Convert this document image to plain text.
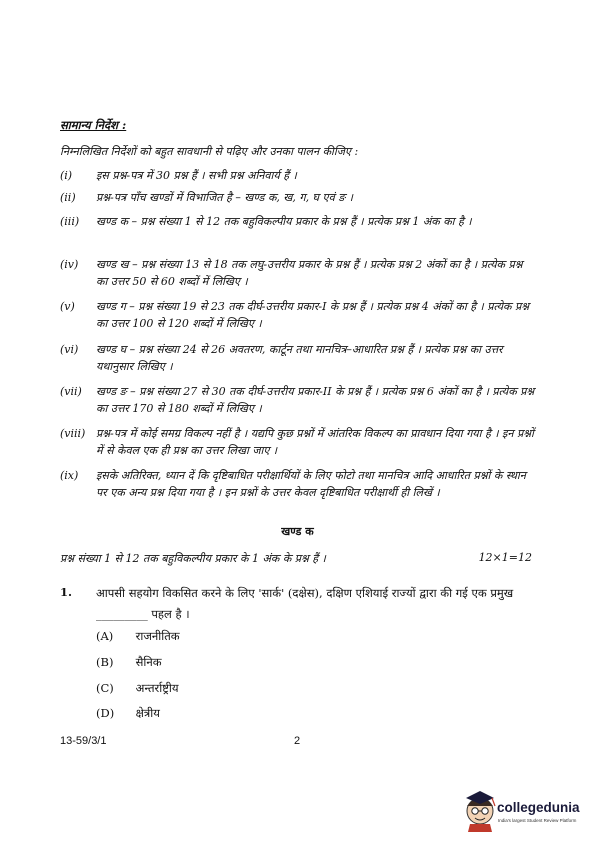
सामान्य निर्देश :
निम्नलिखित निर्देशों को बहुत सावधानी से पढ़िए और उनका पालन कीजिए :
(i)	इस प्रश्न-पत्र में 30 प्रश्न हैं । सभी प्रश्न अनिवार्य हैं ।
(ii)	प्रश्न-पत्र पाँच खण्डों में विभाजित है – खण्ड क, ख, ग, घ एवं ङ ।
(iii)	खण्ड क – प्रश्न संख्या 1 से 12 तक बहुविकल्पीय प्रकार के प्रश्न हैं । प्रत्येक प्रश्न 1 अंक का है ।
(iv)	खण्ड ख – प्रश्न संख्या 13 से 18 तक लघु-उत्तरीय प्रकार के प्रश्न हैं । प्रत्येक प्रश्न 2 अंकों का है । प्रत्येक प्रश्न का उत्तर 50 से 60 शब्दों में लिखिए ।
(v)	खण्ड ग – प्रश्न संख्या 19 से 23 तक दीर्घ-उत्तरीय प्रकार-I के प्रश्न हैं । प्रत्येक प्रश्न 4 अंकों का है । प्रत्येक प्रश्न का उत्तर 100 से 120 शब्दों में लिखिए ।
(vi)	खण्ड घ – प्रश्न संख्या 24 से 26 अवतरण, कार्टून तथा मानचित्र–आधारित प्रश्न हैं । प्रत्येक प्रश्न का उत्तर यथानुसार लिखिए ।
(vii)	खण्ड ङ – प्रश्न संख्या 27 से 30 तक दीर्घ-उत्तरीय प्रकार-II के प्रश्न हैं । प्रत्येक प्रश्न 6 अंकों का है । प्रत्येक प्रश्न का उत्तर 170 से 180 शब्दों में लिखिए ।
(viii) प्रश्न-पत्र में कोई समग्र विकल्प नहीं है । यद्यपि कुछ प्रश्नों में आंतरिक विकल्प का प्रावधान दिया गया है । इन प्रश्नों में से केवल एक ही प्रश्न का उत्तर लिखा जाए ।
(ix)	इसके अतिरिक्त, ध्यान दें कि दृष्टिबाधित परीक्षार्थियों के लिए फोटो तथा मानचित्र आदि आधारित प्रश्नों के स्थान पर एक अन्य प्रश्न दिया गया है । इन प्रश्नों के उत्तर केवल दृष्टिबाधित परीक्षार्थी ही लिखें ।
खण्ड क
प्रश्न संख्या 1 से 12 तक बहुविकल्पीय प्रकार के 1 अंक के प्रश्न हैं ।	12×1=12
1. आपसी सहयोग विकसित करने के लिए 'सार्क' (दक्षेस), दक्षिण एशियाई राज्यों द्वारा की गई एक प्रमुख _________ पहल है ।
(A) राजनीतिक
(B) सैनिक
(C) अन्तर्राष्ट्रीय
(D) क्षेत्रीय
13-59/3/1	2
collegedunia
India's largest Student Review Platform
